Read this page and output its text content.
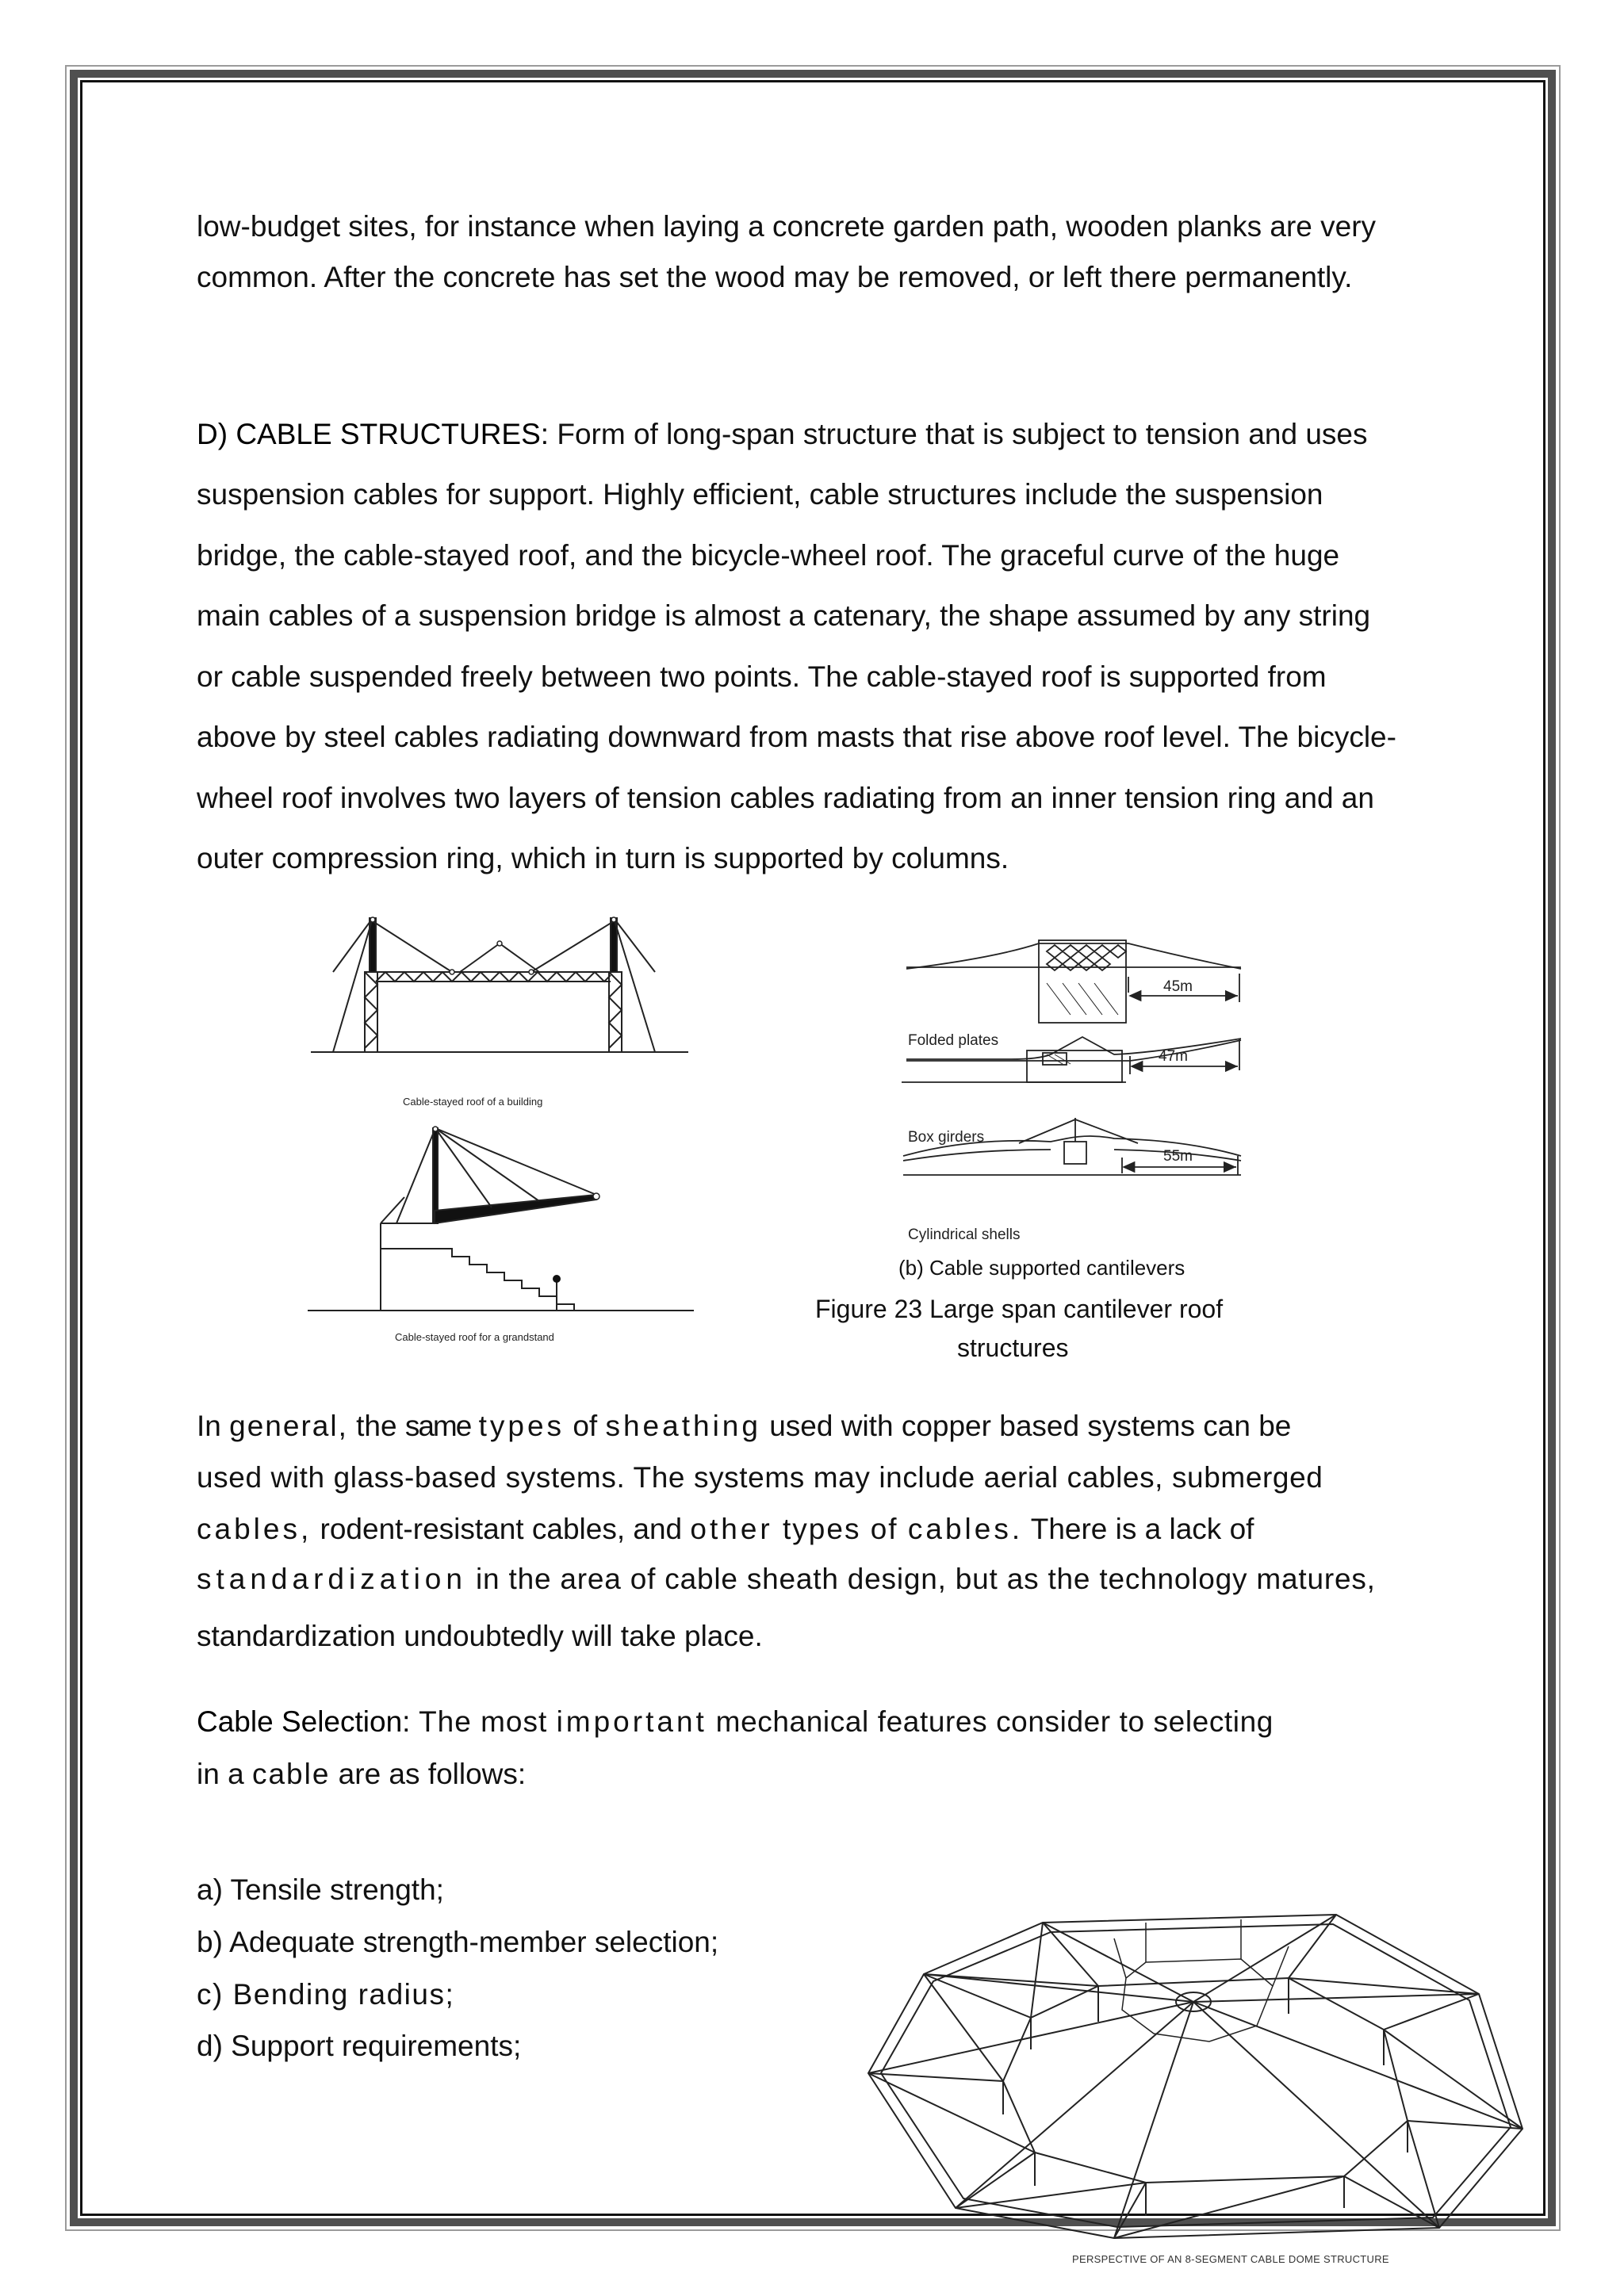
low-budget sites, for instance when laying a concrete garden path, wooden planks are very

common. After the concrete has set the wood may be removed, or left there permanently.

D) CABLE STRUCTURES: Form of long-span structure that is subject to tension and uses

suspension cables for support. Highly efficient, cable structures include the suspension

bridge, the cable-stayed roof, and the bicycle-wheel roof. The graceful curve of the huge

main cables of a suspension bridge is almost a catenary, the shape assumed by any string

or cable suspended freely between two points. The cable-stayed roof is supported from

above by steel cables radiating downward from masts that rise above roof level. The bicycle-

wheel roof involves two layers of tension cables radiating from an inner tension ring and an

outer compression ring, which in turn is supported by columns.

Cable-stayed roof of a building
Cable-stayed roof for a grandstand
45m
47m
55m
Folded plates
Box girders
Cylindrical shells
(b) Cable supported cantilevers
Figure 23 Large span cantilever roof
structures

In general, the same types of sheathing used with copper based systems can be

used with glass-based systems. The systems may include aerial cables, submerged

cables, rodent-resistant cables, and other types of cables. There is a lack of

standardization in the area of cable sheath design, but as the technology matures,

standardization undoubtedly will take place.

Cable Selection: The most important mechanical features consider to selecting

in a cable are as follows:

a) Tensile strength;

b) Adequate strength-member selection;

c) Bending radius;

d) Support requirements;

PERSPECTIVE OF AN 8-SEGMENT CABLE DOME STRUCTURE
